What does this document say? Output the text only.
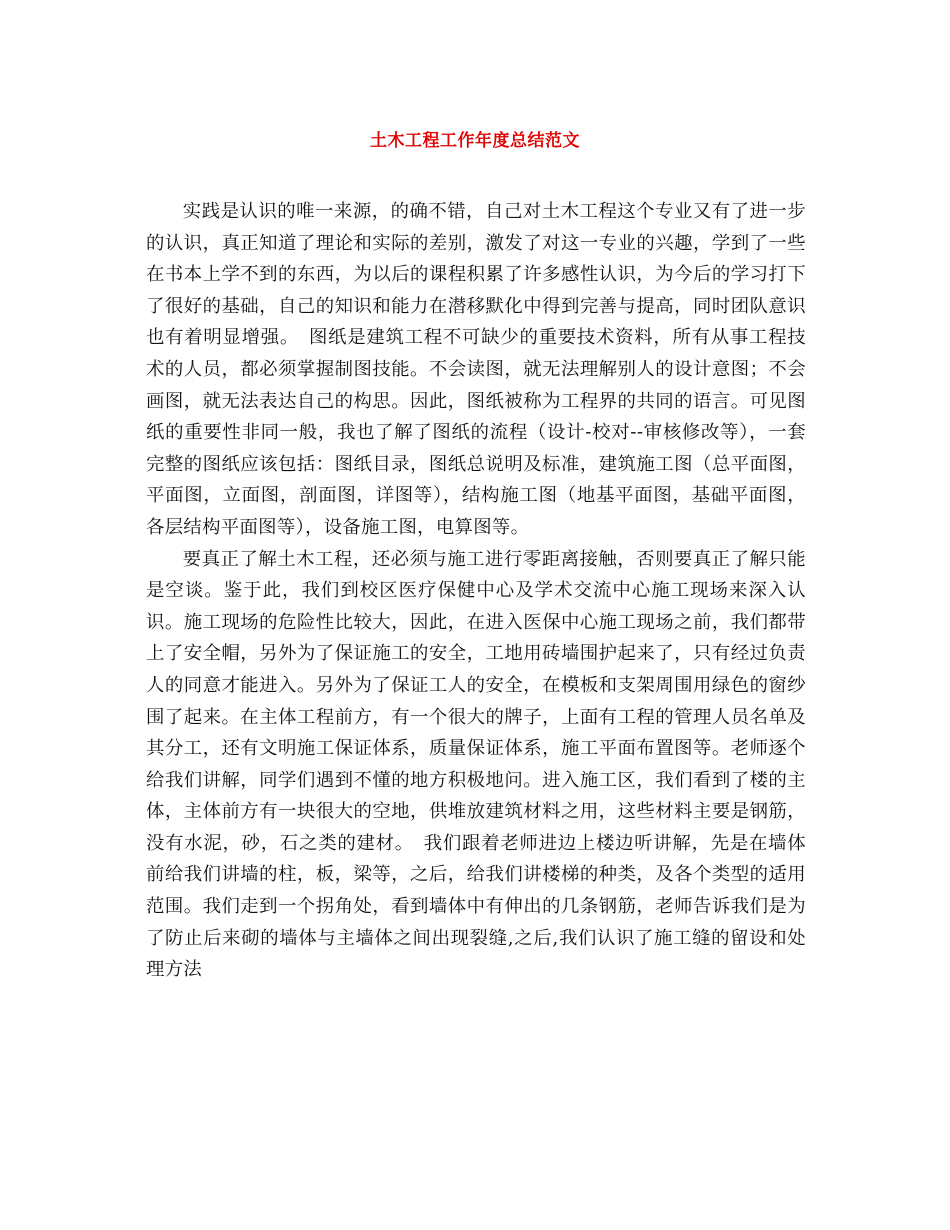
土木工程工作年度总结范文

实践是认识的唯一来源，的确不错，自己对土木工程这个专业又有了进一步的认识，真正知道了理论和实际的差别，激发了对这一专业的兴趣，学到了一些在书本上学不到的东西，为以后的课程积累了许多感性认识，为今后的学习打下了很好的基础，自己的知识和能力在潜移默化中得到完善与提高，同时团队意识也有着明显增强。　图纸是建筑工程不可缺少的重要技术资料，所有从事工程技术的人员，都必须掌握制图技能。不会读图，就无法理解别人的设计意图；不会画图，就无法表达自己的构思。因此，图纸被称为工程界的共同的语言。可见图纸的重要性非同一般，我也了解了图纸的流程（设计-校对--审核修改等），一套完整的图纸应该包括：图纸目录，图纸总说明及标准，建筑施工图（总平面图，平面图，立面图，剖面图，详图等），结构施工图（地基平面图，基础平面图，各层结构平面图等），设备施工图，电算图等。

要真正了解土木工程，还必须与施工进行零距离接触，否则要真正了解只能是空谈。鉴于此，我们到校区医疗保健中心及学术交流中心施工现场来深入认识。施工现场的危险性比较大，因此，在进入医保中心施工现场之前，我们都带上了安全帽，另外为了保证施工的安全，工地用砖墙围护起来了，只有经过负责人的同意才能进入。另外为了保证工人的安全，在模板和支架周围用绿色的窗纱围了起来。在主体工程前方，有一个很大的牌子，上面有工程的管理人员名单及其分工，还有文明施工保证体系，质量保证体系，施工平面布置图等。老师逐个给我们讲解，同学们遇到不懂的地方积极地问。进入施工区，我们看到了楼的主体，主体前方有一块很大的空地，供堆放建筑材料之用，这些材料主要是钢筋，没有水泥，砂，石之类的建材。　我们跟着老师进边上楼边听讲解，先是在墙体前给我们讲墙的柱，板，梁等，之后，给我们讲楼梯的种类，及各个类型的适用范围。我们走到一个拐角处，看到墙体中有伸出的几条钢筋，老师告诉我们是为了防止后来砌的墙体与主墙体之间出现裂缝,之后,我们认识了施工缝的留设和处理方法
